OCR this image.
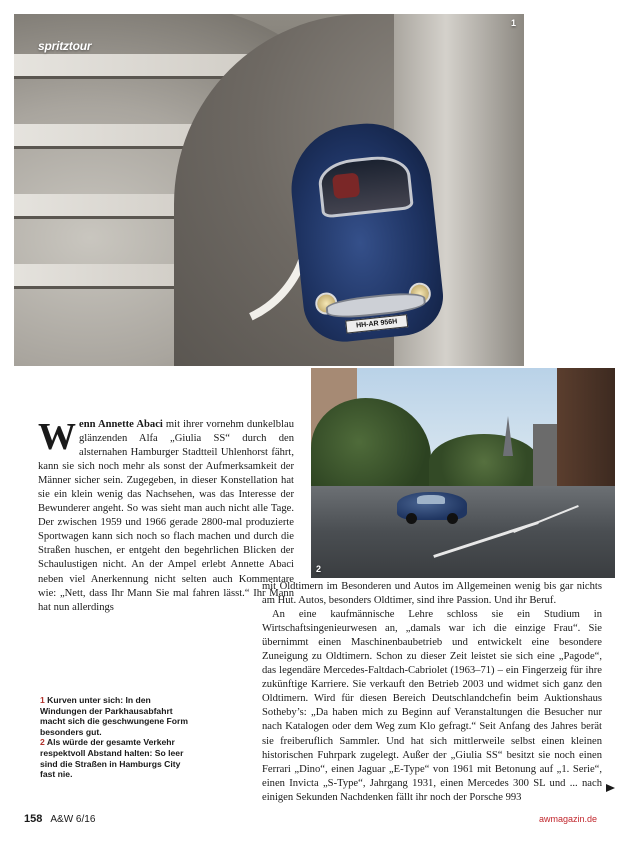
HH-AR 956H
spritztour
1
2

Wenn Annette Abaci mit ihrer vornehm dunkelblau glänzenden Alfa „Giulia SS“ durch den alsternahen Hamburger Stadtteil Uhlenhorst fährt, kann sie sich noch mehr als sonst der Aufmerksamkeit der Männer sicher sein. Zugegeben, in dieser Konstellation hat sie ein klein wenig das Nachsehen, was das Interesse der Bewunderer angeht. So was sieht man auch nicht alle Tage. Der zwischen 1959 und 1966 gerade 2800-mal produzierte Sportwagen kann sich noch so flach machen und durch die Straßen huschen, er entgeht den begehrlichen Blicken der Schaulustigen nicht. An der Ampel erlebt Annette Abaci neben viel Anerkennung nicht selten auch Kommentare wie: „Nett, dass Ihr Mann Sie mal fahren lässt.“ Ihr Mann hat nun allerdings

mit Oldtimern im Besonderen und Autos im Allgemeinen wenig bis gar nichts am Hut. Autos, besonders Oldtimer, sind ihre Passion. Und ihr Beruf.

An eine kaufmännische Lehre schloss sie ein Studium in Wirtschaftsingenieurwesen an, „damals war ich die einzige Frau“. Sie übernimmt einen Maschinenbaubetrieb und entwickelt eine besondere Zuneigung zu Oldtimern. Schon zu dieser Zeit leistet sie sich eine „Pagode“, das legendäre Mercedes-Faltdach-Cabriolet (1963–71) – ein Fingerzeig für ihre zukünftige Karriere. Sie verkauft den Betrieb 2003 und widmet sich ganz den Oldtimern. Wird für diesen Bereich Deutschlandchefin beim Auktionshaus Sotheby’s: „Da haben mich zu Beginn auf Veranstaltungen die Besucher nur nach Katalogen oder dem Weg zum Klo gefragt.“ Seit Anfang des Jahres berät sie freiberuflich Sammler. Und hat sich mittlerweile selbst einen kleinen historischen Fuhrpark zugelegt. Außer der „Giulia SS“ besitzt sie noch einen Ferrari „Dino“, einen Jaguar „E-Type“ von 1961 mit Betonung auf „1. Serie“, einen Invicta „S-Type“, Jahrgang 1931, einen Mercedes 300 SL und ... nach einigen Sekunden Nachdenken fällt ihr noch der Porsche 993

1 Kurven unter sich: In den Windungen der Parkhausabfahrt macht sich die geschwungene Form besonders gut.

2 Als würde der gesamte Verkehr respektvoll Abstand halten: So leer sind die Straßen in Hamburgs City fast nie.

158 A&W 6/16	awmagazin.de
